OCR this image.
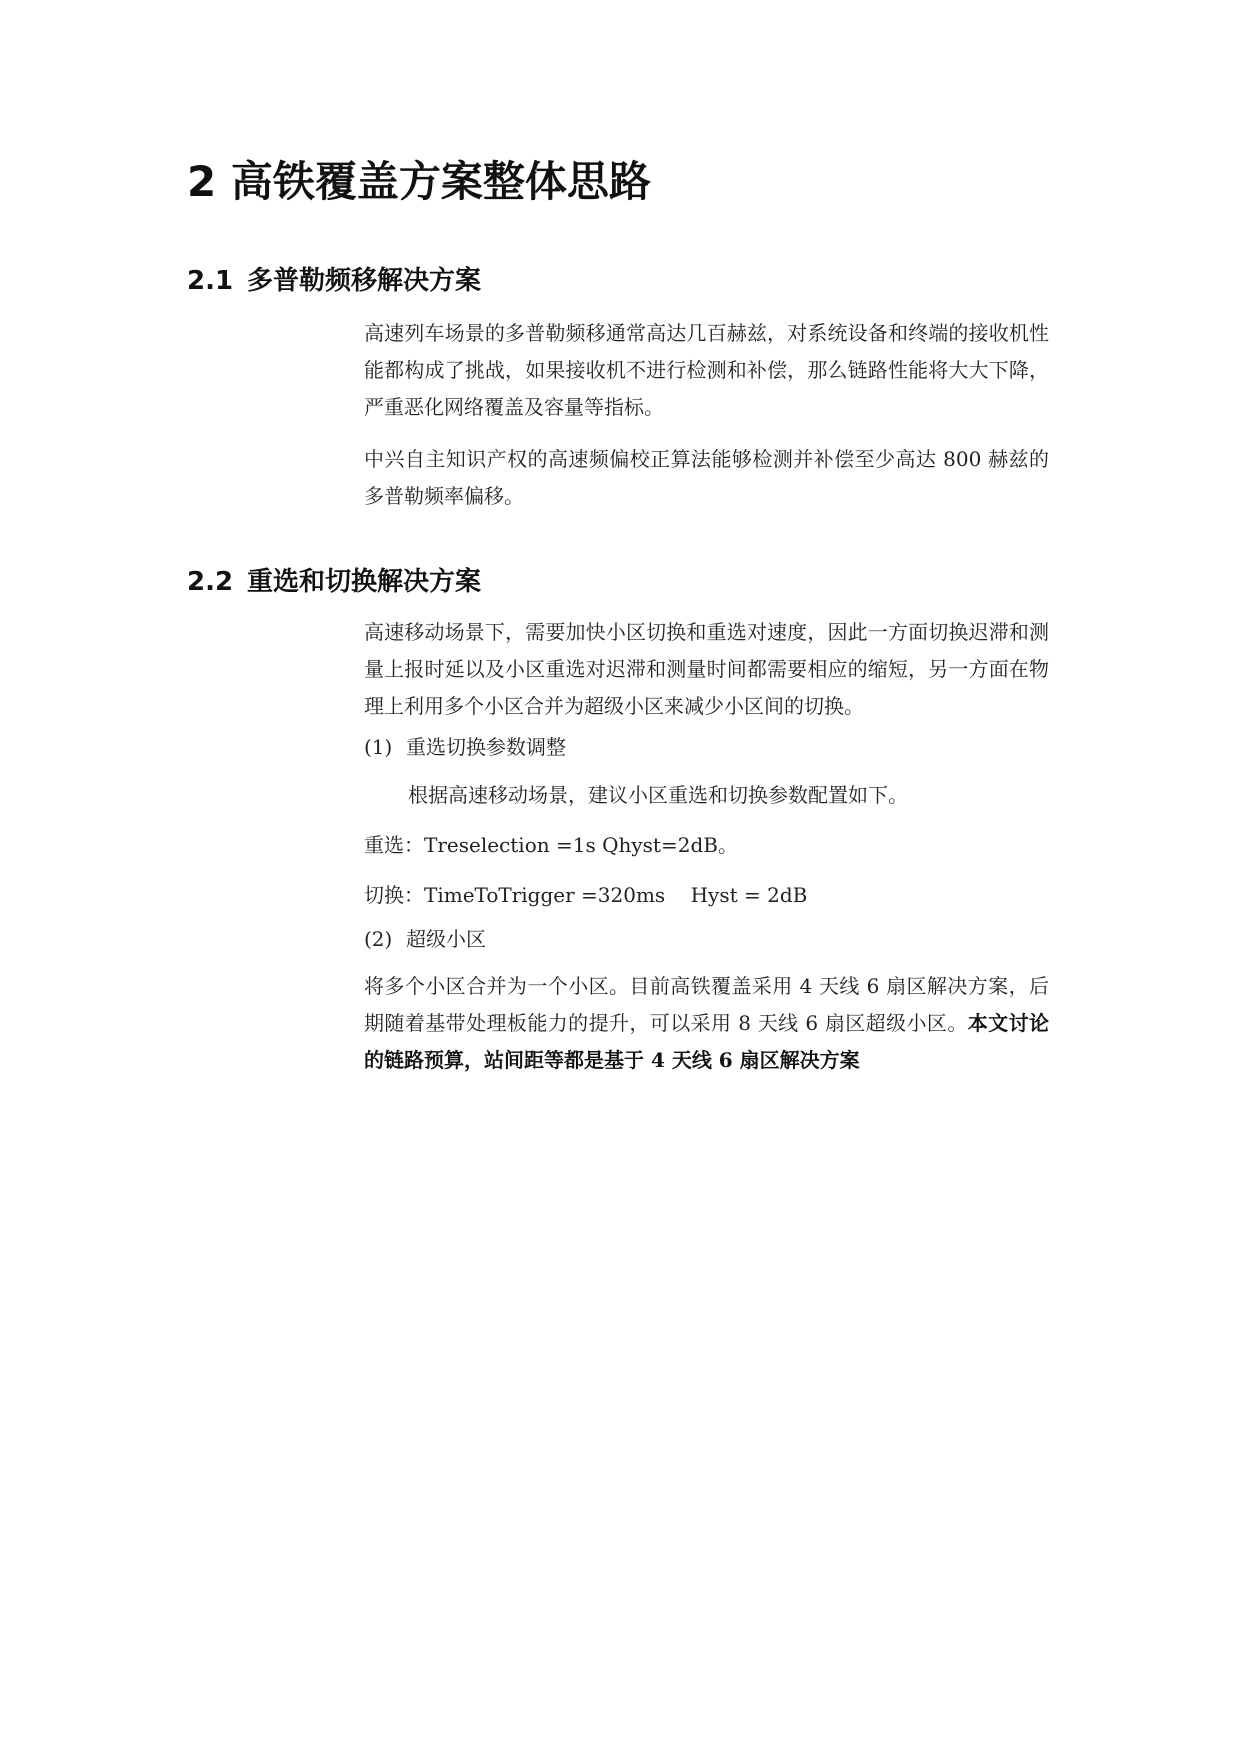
2 高铁覆盖方案整体思路
2.1 多普勒频移解决方案

高速列车场景的多普勒频移通常高达几百赫兹，对系统设备和终端的接收机性能都构成了挑战，如果接收机不进行检测和补偿，那么链路性能将大大下降，严重恶化网络覆盖及容量等指标。

中兴自主知识产权的高速频偏校正算法能够检测并补偿至少高达 800 赫兹的多普勒频率偏移。

2.2 重选和切换解决方案

高速移动场景下，需要加快小区切换和重选对速度，因此一方面切换迟滞和测量上报时延以及小区重选对迟滞和测量时间都需要相应的缩短，另一方面在物理上利用多个小区合并为超级小区来减少小区间的切换。

(1) 重选切换参数调整
根据高速移动场景，建议小区重选和切换参数配置如下。
重选：Treselection =1s Qhyst=2dB。
切换：TimeToTrigger =320ms    Hyst = 2dB
(2) 超级小区

将多个小区合并为一个小区。目前高铁覆盖采用 4 天线 6 扇区解决方案，后期随着基带处理板能力的提升，可以采用 8 天线 6 扇区超级小区。本文讨论的链路预算，站间距等都是基于 4 天线 6 扇区解决方案
